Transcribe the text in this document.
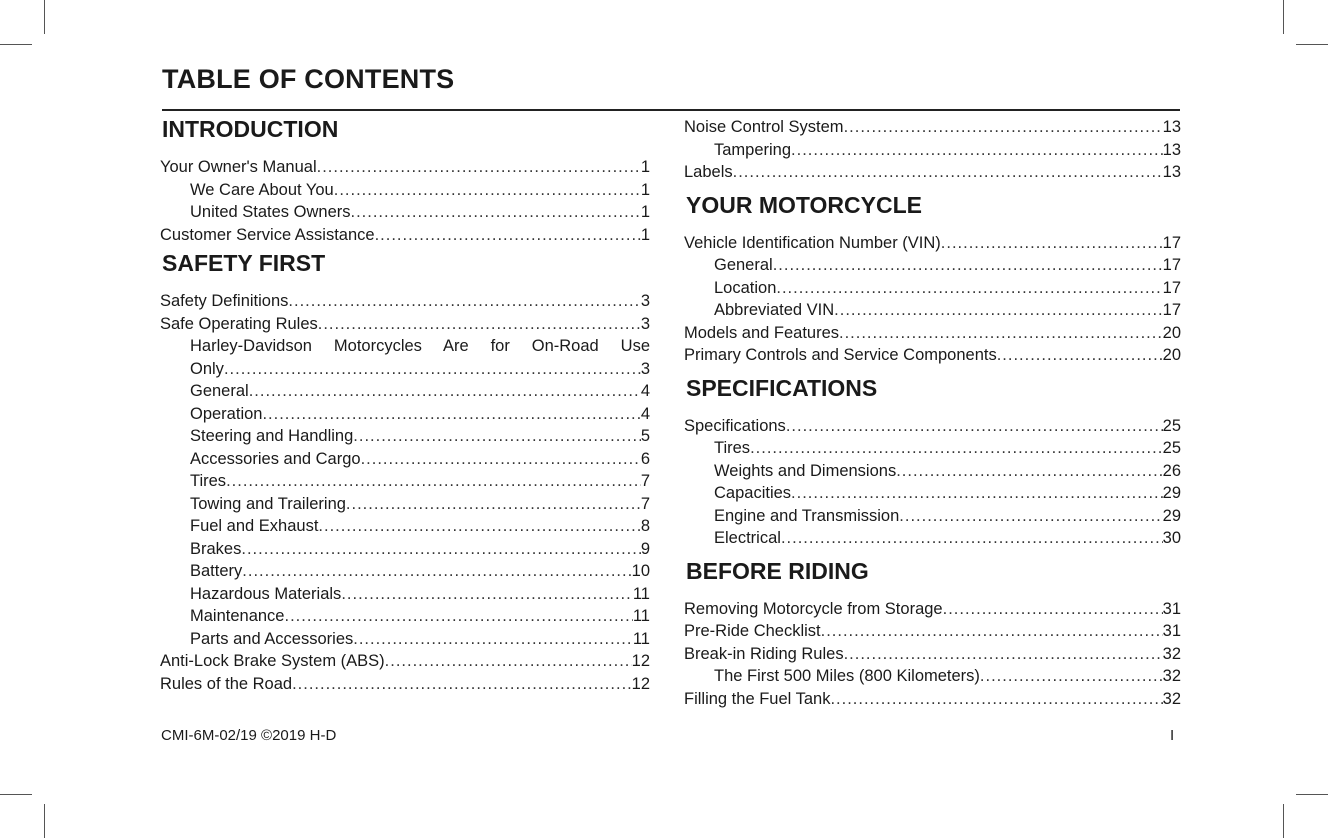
TABLE OF CONTENTS
INTRODUCTION
Your Owner's Manual .....	1
We Care About You .....	1
United States Owners .....	1
Customer Service Assistance .....	1
SAFETY FIRST
Safety Definitions .....	3
Safe Operating Rules .....	3
Harley-Davidson Motorcycles Are for On-Road Use
Only .....	3
General .....	4
Operation .....	4
Steering and Handling .....	5
Accessories and Cargo .....	6
Tires .....	7
Towing and Trailering .....	7
Fuel and Exhaust .....	8
Brakes .....	9
Battery .....	10
Hazardous Materials .....	11
Maintenance .....	11
Parts and Accessories .....	11
Anti-Lock Brake System (ABS) .....	12
Rules of the Road .....	12
Noise Control System .....	13
Tampering .....	13
Labels .....	13
YOUR MOTORCYCLE
Vehicle Identification Number (VIN) .....	17
General .....	17
Location .....	17
Abbreviated VIN .....	17
Models and Features .....	20
Primary Controls and Service Components .....	20
SPECIFICATIONS
Specifications .....	25
Tires .....	25
Weights and Dimensions .....	26
Capacities .....	29
Engine and Transmission .....	29
Electrical .....	30
BEFORE RIDING
Removing Motorcycle from Storage .....	31
Pre-Ride Checklist .....	31
Break-in Riding Rules .....	32
The First 500 Miles (800 Kilometers) .....	32
Filling the Fuel Tank .....	32
CMI-6M-02/19 ©2019 H-D	I
